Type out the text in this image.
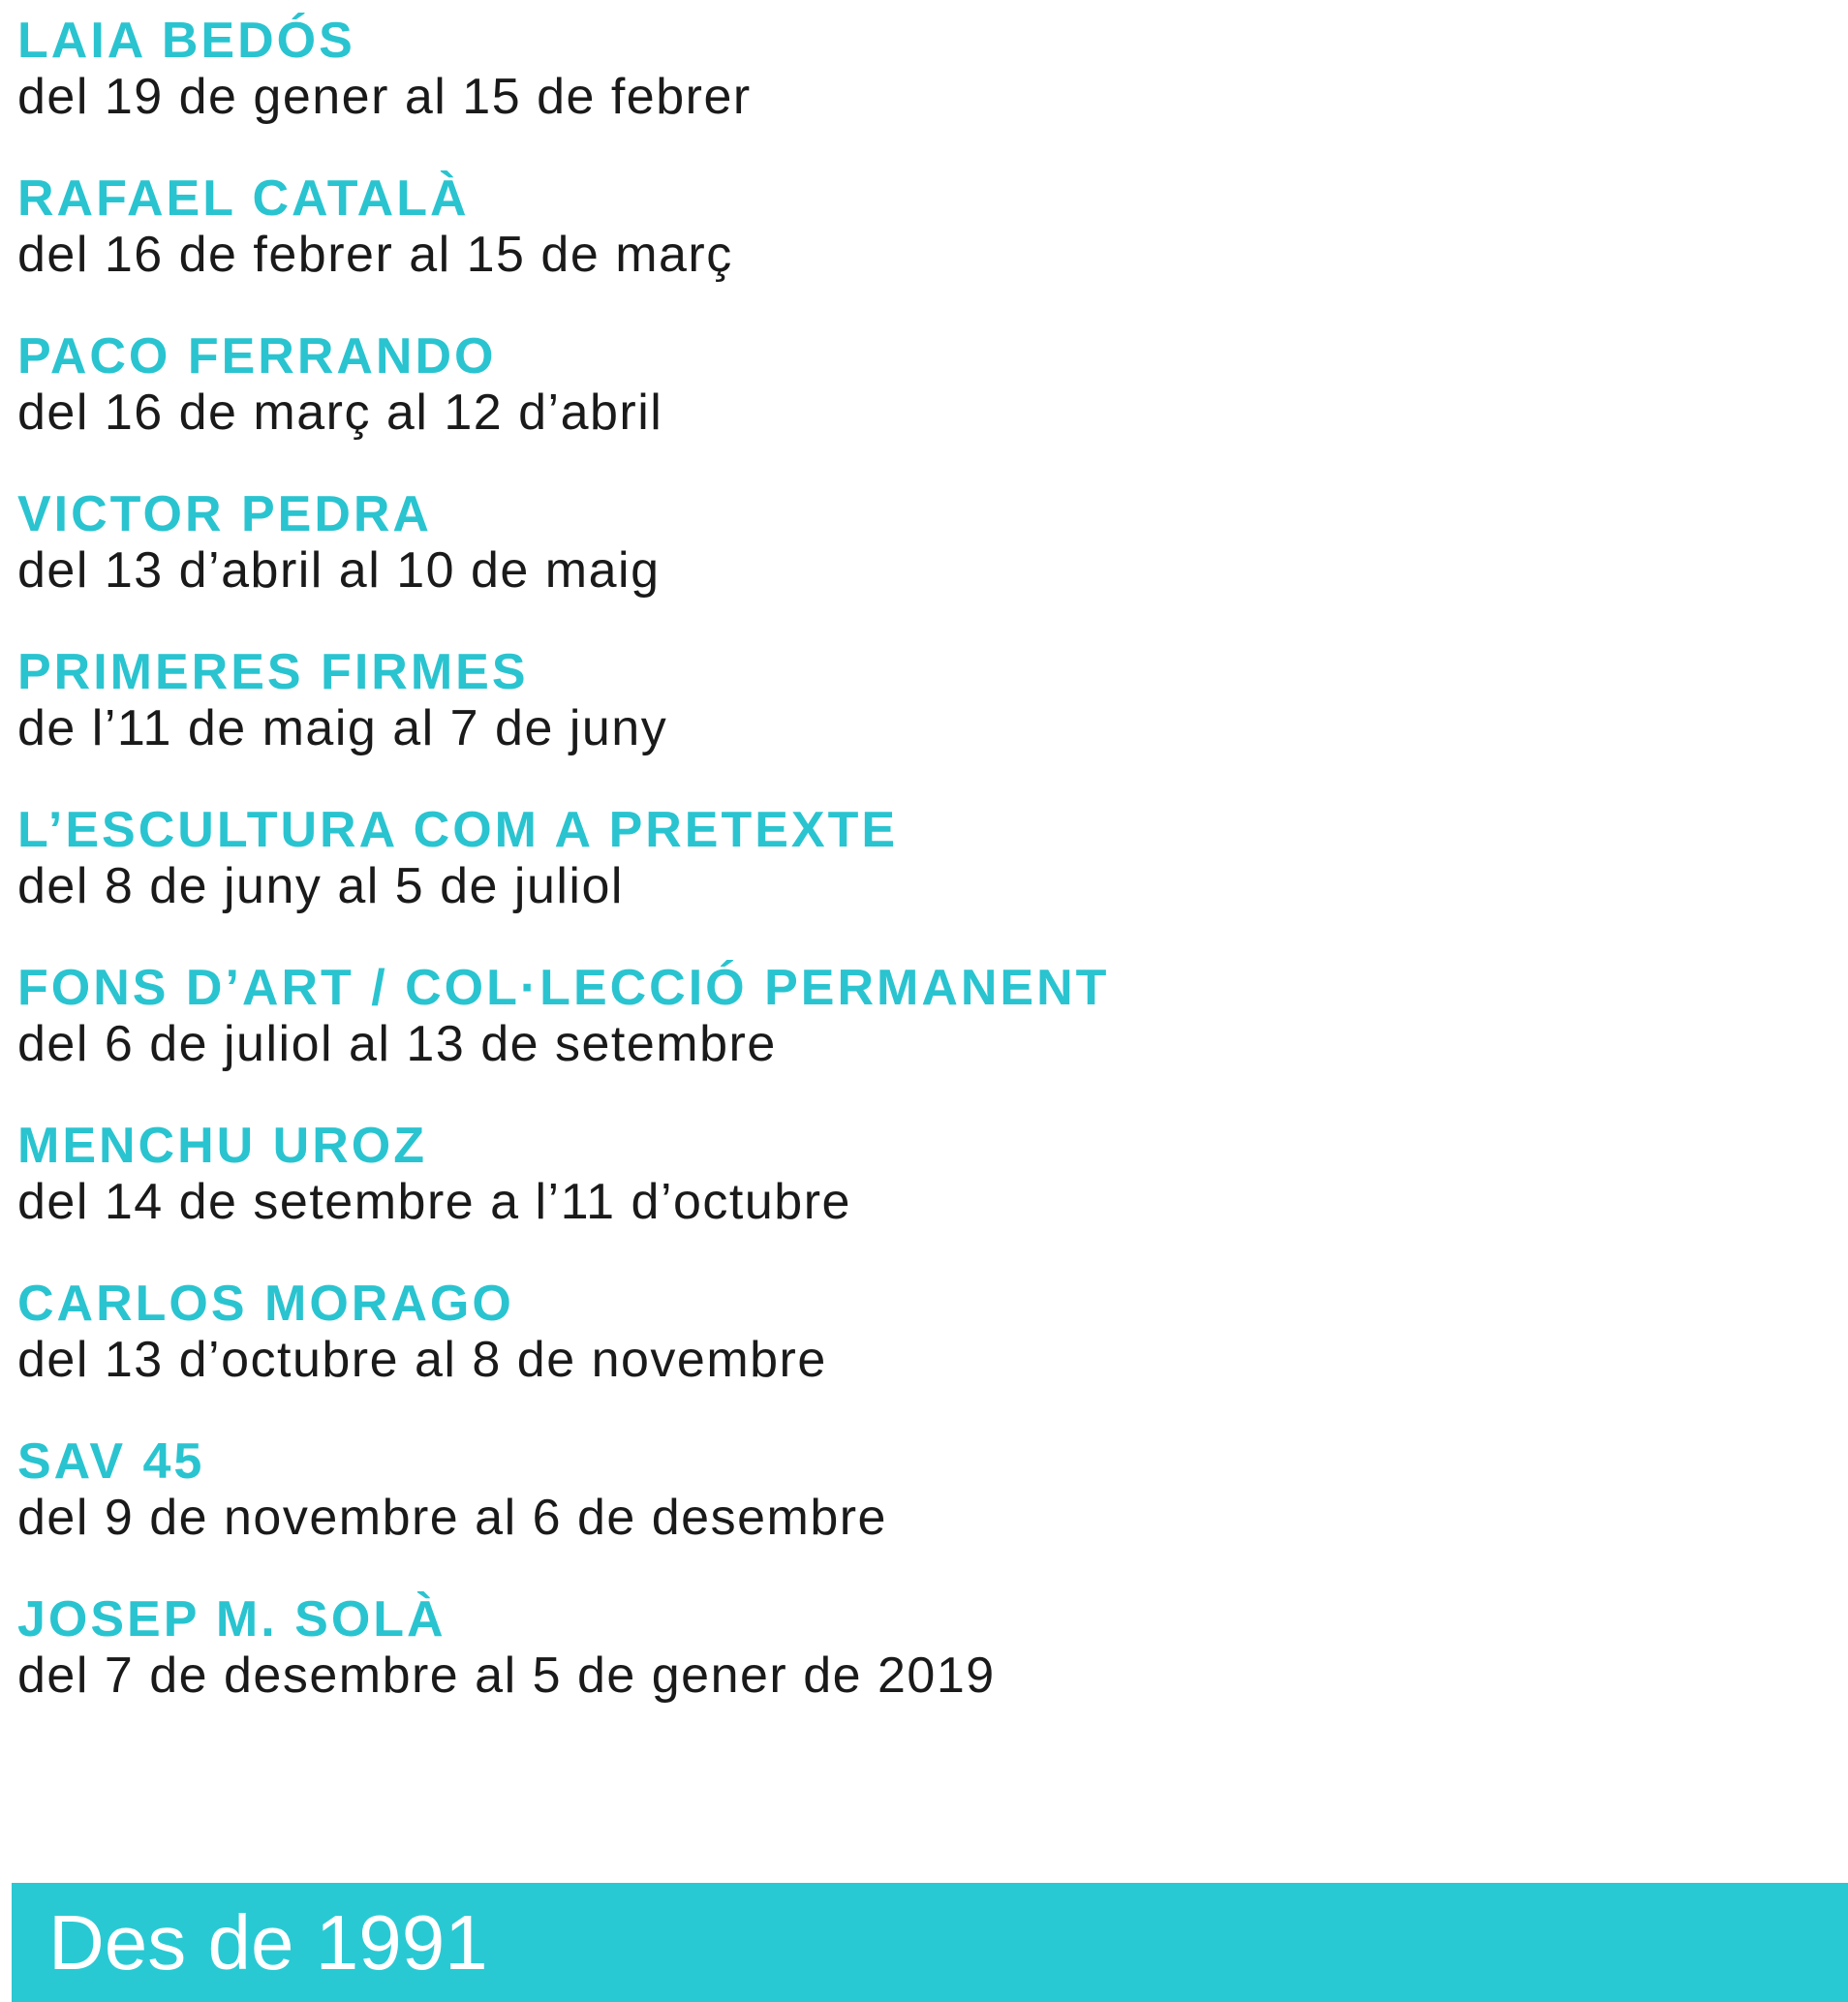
LAIA BEDÓS
del 19 de gener al 15 de febrer
RAFAEL CATALÀ
del 16 de febrer al 15 de març
PACO FERRANDO
del 16 de març al 12 d’abril
VICTOR PEDRA
del 13 d’abril al 10 de maig
PRIMERES FIRMES
de l’11 de maig al 7 de juny
L’ESCULTURA COM A PRETEXTE
del 8 de juny al 5 de juliol
FONS D’ART / COL·LECCIÓ PERMANENT
del 6 de juliol al 13 de setembre
MENCHU UROZ
del 14 de setembre a l’11 d’octubre
CARLOS MORAGO
del 13 d’octubre al 8 de novembre
SAV 45
del 9 de novembre al 6 de desembre
JOSEP M. SOLÀ
del 7 de desembre al 5 de gener de 2019
Des de 1991
